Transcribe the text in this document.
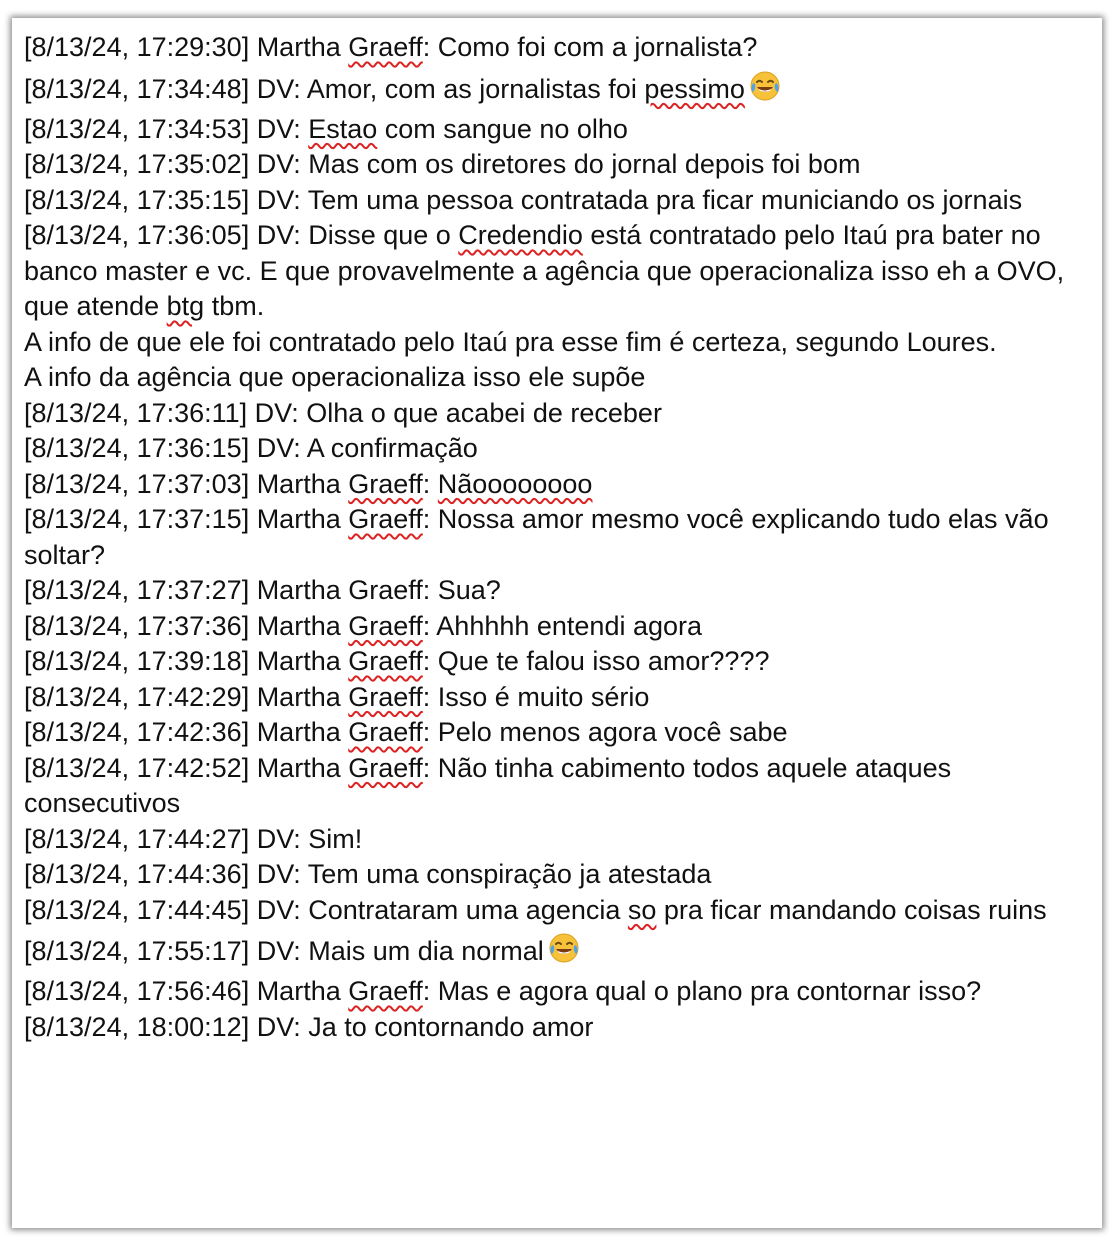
[8/13/24, 17:29:30] Martha Graeff: Como foi com a jornalista?
[8/13/24, 17:34:48] DV: Amor, com as jornalistas foi pessimo
[8/13/24, 17:34:53] DV: Estao com sangue no olho
[8/13/24, 17:35:02] DV: Mas com os diretores do jornal depois foi bom
[8/13/24, 17:35:15] DV: Tem uma pessoa contratada pra ficar municiando os jornais
[8/13/24, 17:36:05] DV: Disse que o Credendio está contratado pelo Itaú pra bater no banco master e vc. E que provavelmente a agência que operacionaliza isso eh a OVO, que atende btg tbm.
A info de que ele foi contratado pelo Itaú pra esse fim é certeza, segundo Loures.
A info da agência que operacionaliza isso ele supõe
[8/13/24, 17:36:11] DV: Olha o que acabei de receber
[8/13/24, 17:36:15] DV: A confirmação
[8/13/24, 17:37:03] Martha Graeff: Nãoooooooo
[8/13/24, 17:37:15] Martha Graeff: Nossa amor mesmo você explicando tudo elas vão soltar?
[8/13/24, 17:37:27] Martha Graeff: Sua?
[8/13/24, 17:37:36] Martha Graeff: Ahhhhh entendi agora
[8/13/24, 17:39:18] Martha Graeff: Que te falou isso amor????
[8/13/24, 17:42:29] Martha Graeff: Isso é muito sério
[8/13/24, 17:42:36] Martha Graeff: Pelo menos agora você sabe
[8/13/24, 17:42:52] Martha Graeff: Não tinha cabimento todos aquele ataques consecutivos
[8/13/24, 17:44:27] DV: Sim!
[8/13/24, 17:44:36] DV: Tem uma conspiração ja atestada
[8/13/24, 17:44:45] DV: Contrataram uma agencia so pra ficar mandando coisas ruins
[8/13/24, 17:55:17] DV: Mais um dia normal
[8/13/24, 17:56:46] Martha Graeff: Mas e agora qual o plano pra contornar isso?
[8/13/24, 18:00:12] DV: Ja to contornando amor
